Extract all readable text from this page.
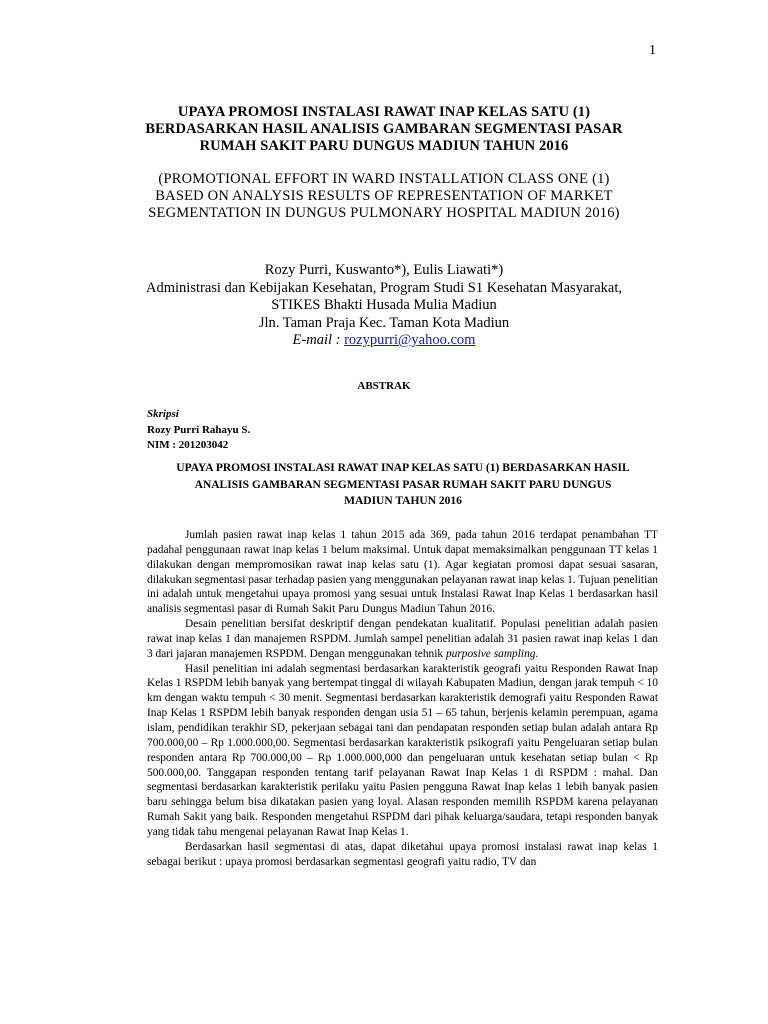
1
UPAYA PROMOSI INSTALASI RAWAT INAP KELAS SATU (1)
BERDASARKAN HASIL ANALISIS GAMBARAN SEGMENTASI PASAR
RUMAH SAKIT PARU DUNGUS MADIUN TAHUN 2016
(PROMOTIONAL EFFORT IN WARD INSTALLATION CLASS ONE (1)
BASED ON ANALYSIS RESULTS OF REPRESENTATION OF MARKET
SEGMENTATION IN DUNGUS PULMONARY HOSPITAL MADIUN 2016)
Rozy Purri, Kuswanto*), Eulis Liawati*)
Administrasi dan Kebijakan Kesehatan, Program Studi S1 Kesehatan Masyarakat,
STIKES Bhakti Husada Mulia Madiun
Jln. Taman Praja Kec. Taman Kota Madiun
E-mail : rozypurri@yahoo.com
ABSTRAK
Skripsi
Rozy Purri Rahayu S.
NIM : 201203042
UPAYA PROMOSI INSTALASI RAWAT INAP KELAS SATU (1) BERDASARKAN HASIL
ANALISIS GAMBARAN SEGMENTASI PASAR RUMAH SAKIT PARU DUNGUS
MADIUN TAHUN 2016

Jumlah pasien rawat inap kelas 1 tahun 2015 ada 369, pada tahun 2016 terdapat penambahan TT padahal penggunaan rawat inap kelas 1 belum maksimal. Untuk dapat memaksimalkan penggunaan TT kelas 1 dilakukan dengan mempromosikan rawat inap kelas satu (1). Agar kegiatan promosi dapat sesuai sasaran, dilakukan segmentasi pasar terhadap pasien yang menggunakan pelayanan rawat inap kelas 1. Tujuan penelitian ini adalah untuk mengetahui upaya promosi yang sesuai untuk Instalasi Rawat Inap Kelas 1 berdasarkan hasil analisis segmentasi pasar di Rumah Sakit Paru Dungus Madiun Tahun 2016.

Desain penelitian bersifat deskriptif dengan pendekatan kualitatif. Populasi penelitian adalah pasien rawat inap kelas 1 dan manajemen RSPDM. Jumlah sampel penelitian adalah 31 pasien rawat inap kelas 1 dan 3 dari jajaran manajemen RSPDM. Dengan menggunakan tehnik purposive sampling.

Hasil penelitian ini adalah segmentasi berdasarkan karakteristik geografi yaitu Responden Rawat Inap Kelas 1 RSPDM lebih banyak yang bertempat tinggal di wilayah Kabupaten Madiun, dengan jarak tempuh < 10 km dengan waktu tempuh < 30 menit. Segmentasi berdasarkan karakteristik demografi yaitu Responden Rawat Inap Kelas 1 RSPDM lebih banyak responden dengan usia 51 – 65 tahun, berjenis kelamin perempuan, agama islam, pendidikan terakhir SD, pekerjaan sebagai tani dan pendapatan responden setiap bulan adalah antara Rp 700.000,00 – Rp 1.000.000,00. Segmentasi berdasarkan karakteristik psikografi yaitu Pengeluaran setiap bulan responden antara Rp 700.000,00 – Rp 1.000.000,000 dan pengeluaran untuk kesehatan setiap bulan < Rp 500.000,00. Tanggapan responden tentang tarif pelayanan Rawat Inap Kelas 1 di RSPDM : mahal. Dan segmentasi berdasarkan karakteristik perilaku yaitu Pasien pengguna Rawat Inap kelas 1 lebih banyak pasien baru sehingga belum bisa dikatakan pasien yang loyal. Alasan responden memilih RSPDM karena pelayanan Rumah Sakit yang baik. Responden mengetahui RSPDM dari pihak keluarga/saudara, tetapi responden banyak yang tidak tahu mengenai pelayanan Rawat Inap Kelas 1.

Berdasarkan hasil segmentasi di atas, dapat diketahui upaya promosi instalasi rawat inap kelas 1 sebagai berikut : upaya promosi berdasarkan segmentasi geografi yaitu radio, TV dan
